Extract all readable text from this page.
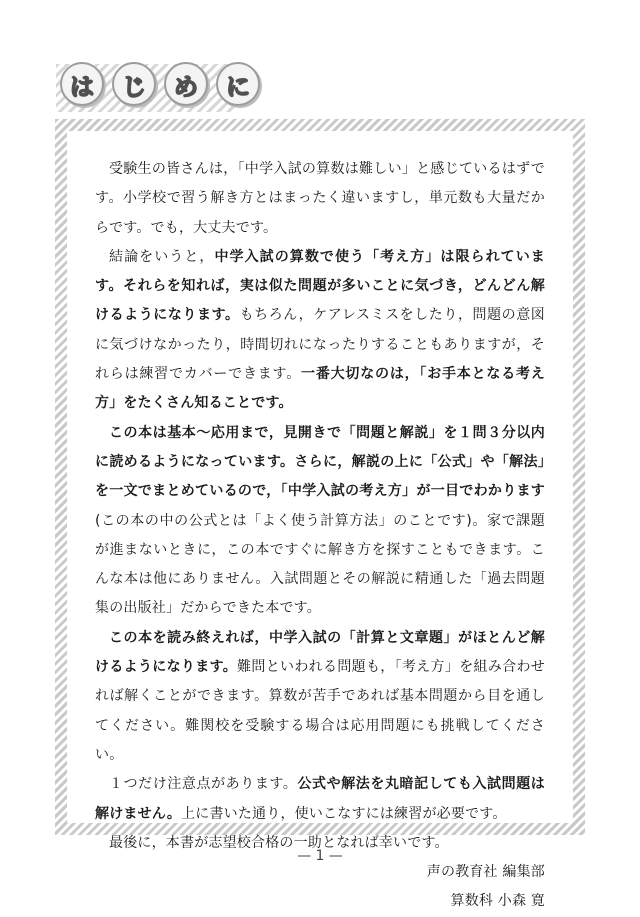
は	じ	め	に

受験生の皆さんは，「中学入試の算数は難しい」と感じているはずです。小学校で習う解き方とはまったく違いますし，単元数も大量だからです。でも，大丈夫です。

結論をいうと，中学入試の算数で使う「考え方」は限られています。それらを知れば，実は似た問題が多いことに気づき，どんどん解けるようになります。もちろん，ケアレスミスをしたり，問題の意図に気づけなかったり，時間切れになったりすることもありますが，それらは練習でカバーできます。一番大切なのは，「お手本となる考え方」をたくさん知ることです。

この本は基本～応用まで，見開きで「問題と解説」を１問３分以内に読めるようになっています。さらに，解説の上に「公式」や「解法」を一文でまとめているので，「中学入試の考え方」が一目でわかります(この本の中の公式とは「よく使う計算方法」のことです)。家で課題が進まないときに，この本ですぐに解き方を探すこともできます。こんな本は他にありません。入試問題とその解説に精通した「過去問題集の出版社」だからできた本です。

この本を読み終えれば，中学入試の「計算と文章題」がほとんど解けるようになります。難問といわれる問題も，「考え方」を組み合わせれば解くことができます。算数が苦手であれば基本問題から目を通してください。難関校を受験する場合は応用問題にも挑戦してください。

１つだけ注意点があります。公式や解法を丸暗記しても入試問題は解けません。上に書いた通り，使いこなすには練習が必要です。

最後に，本書が志望校合格の一助となれば幸いです。

声の教育社 編集部
算数科 小森 寛
— 1 —
